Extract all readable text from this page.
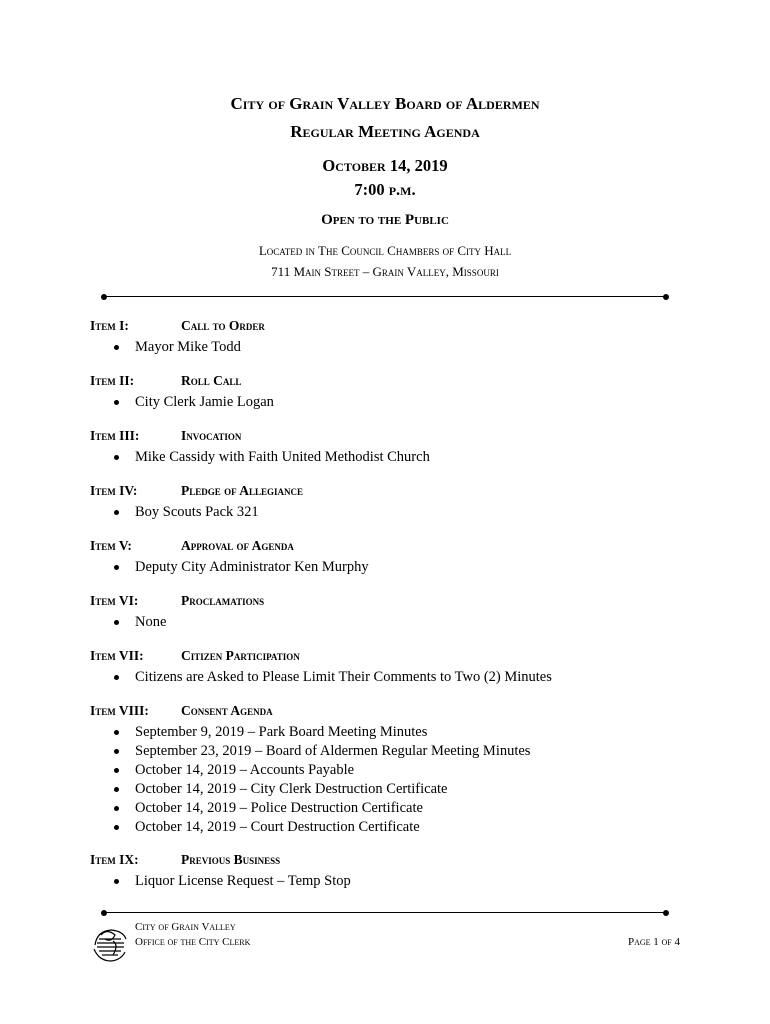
City of Grain Valley Board of Aldermen
Regular Meeting Agenda
October 14, 2019
7:00 p.m.
Open to the Public
Located in The Council Chambers of City Hall
711 Main Street – Grain Valley, Missouri
Item I:	Call to Order
Mayor Mike Todd
Item II:	Roll Call
City Clerk Jamie Logan
Item III:	Invocation
Mike Cassidy with Faith United Methodist Church
Item IV:	Pledge of Allegiance
Boy Scouts Pack 321
Item V:	Approval of Agenda
Deputy City Administrator Ken Murphy
Item VI:	Proclamations
None
Item VII:	Citizen Participation
Citizens are Asked to Please Limit Their Comments to Two (2) Minutes
Item VIII: Consent Agenda
September 9, 2019 – Park Board Meeting Minutes
September 23, 2019 – Board of Aldermen Regular Meeting Minutes
October 14, 2019 – Accounts Payable
October 14, 2019 – City Clerk Destruction Certificate
October 14, 2019 – Police Destruction Certificate
October 14, 2019 – Court Destruction Certificate
Item IX:	Previous Business
Liquor License Request – Temp Stop
City of Grain Valley
Office of the City Clerk	Page 1 of 4
